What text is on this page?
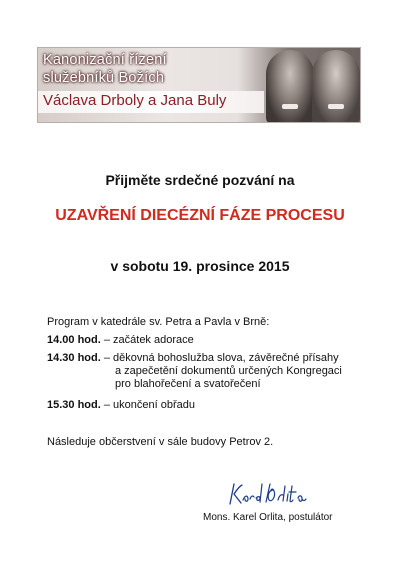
Kanonizační řízení
služebníků Božích
Václava Drboly a Jana Buly
Přijměte srdečné pozvání na
UZAVŘENÍ DIECÉZNÍ FÁZE PROCESU
v sobotu 19. prosince 2015
Program v katedrále sv. Petra a Pavla v Brně:
14.00 hod. – začátek adorace
14.30 hod. – děkovná bohoslužba slova, závěrečné přísahy
a zapečetění dokumentů určených Kongregaci
pro blahořečení a svatořečení
15.30 hod. – ukončení obřadu
Následuje občerstvení v sále budovy Petrov 2.
Mons. Karel Orlita, postulátor
